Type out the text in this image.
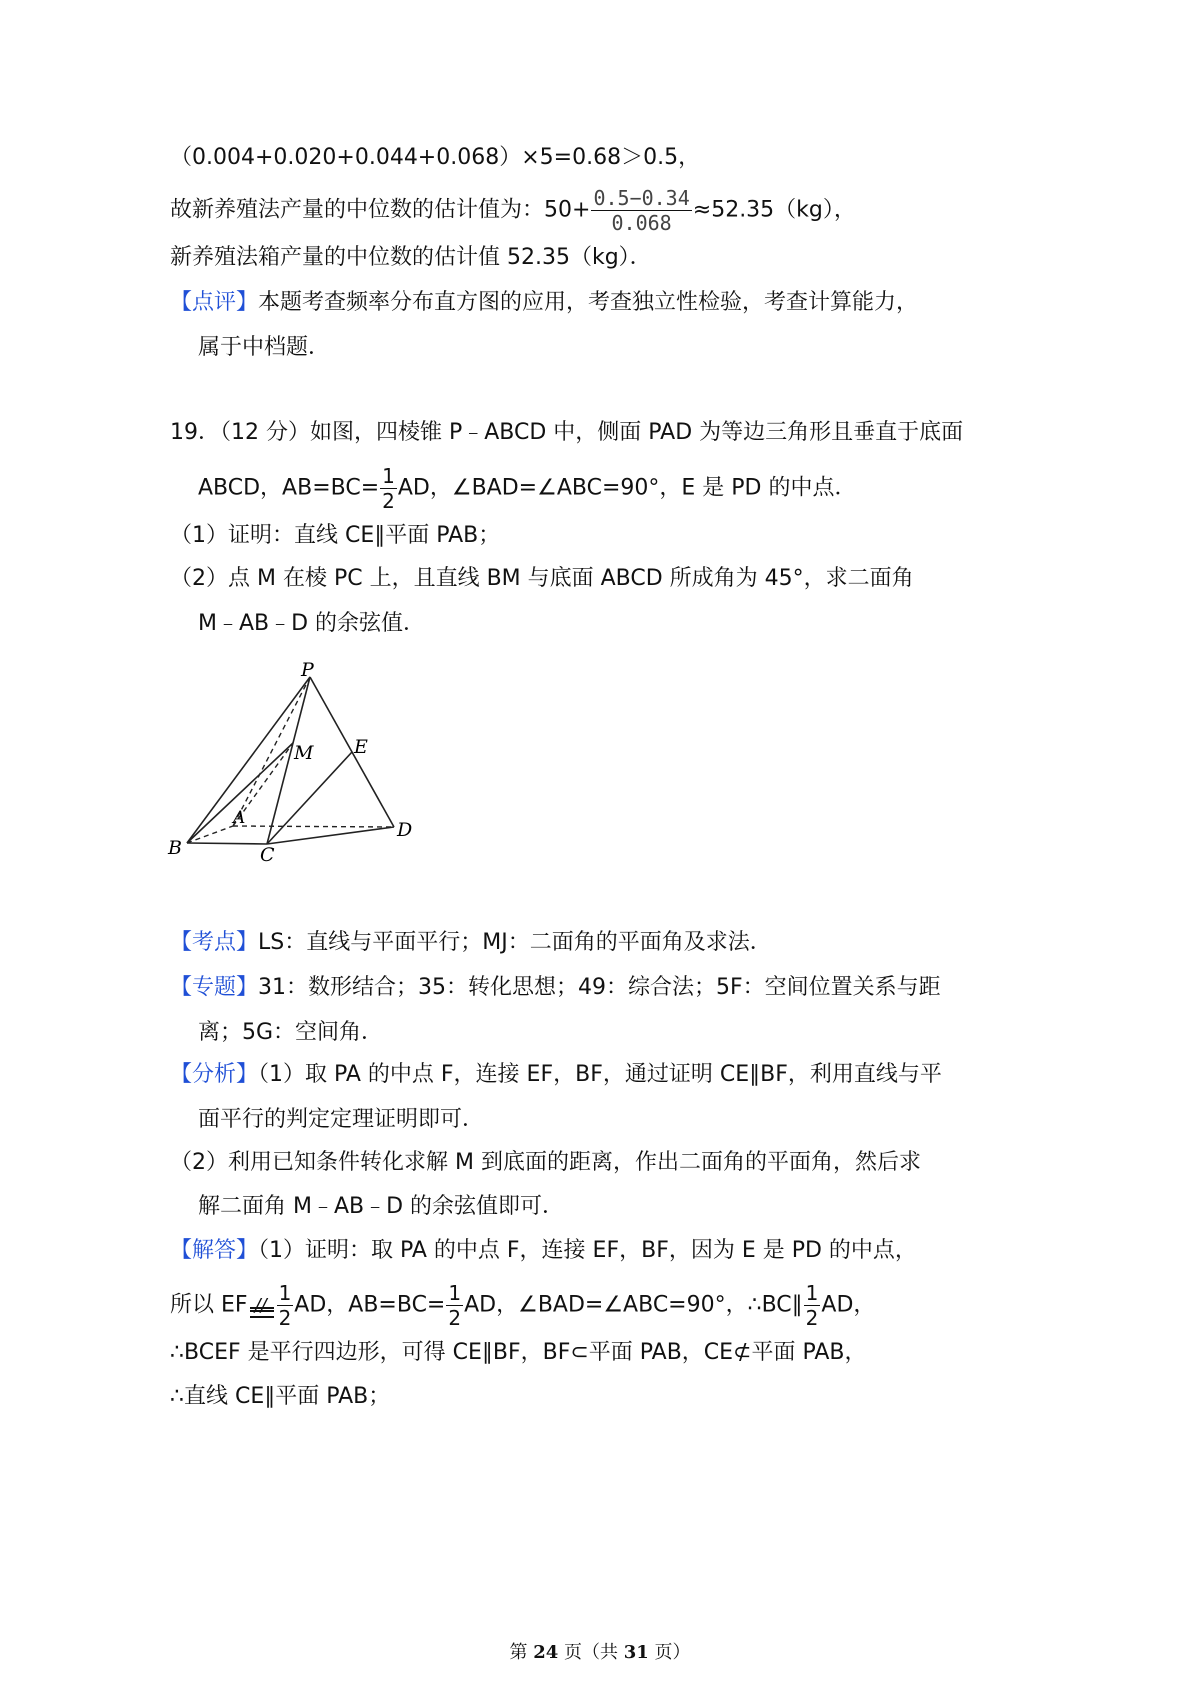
（0.004+0.020+0.044+0.068）×5=0.68＞0.5，
故新养殖法产量的中位数的估计值为：$50+ \frac{0.5-0.34}{0.068} \approx 52.35(kg)$，
新养殖法箱产量的中位数的估计值 52.35（kg）．
【点评】本题考查频率分布直方图的应用，考查独立性检验，考查计算能力，
属于中档题．
19．（12 分）如图，四棱锥 P﹣ABCD 中，侧面 PAD 为等边三角形且垂直于底面
ABCD，$AB=BC= \frac{1}{2}$ AD，∠BAD=∠ABC=90°，E 是 PD 的中点．
（1）证明：直线 CE∥平面 PAB；
（2）点 M 在棱 PC 上，且直线 BM 与底面 ABCD 所成角为 45°，求二面角
M﹣AB﹣D 的余弦值．
P
M E
A
B	C
D
【考点】LS：直线与平面平行；MJ：二面角的平面角及求法．
【专题】31：数形结合；35：转化思想；49：综合法；5F：空间位置关系与距
离；5G：空间角．
【分析】（1）取 PA 的中点 F，连接 EF，BF，通过证明 CE∥BF，利用直线与平
面平行的判定定理证明即可．
（2）利用已知条件转化求解 M 到底面的距离，作出二面角的平面角，然后求
解二面角 M﹣AB﹣D 的余弦值即可．
【解答】（1）证明：取 PA 的中点 F，连接 EF，BF，因为 E 是 PD 的中点，
所以 EF // $\frac{1}{2}$ AD，$AB=BC= \frac{1}{2}$ AD，∠BAD=∠ABC=90°，∴BC∥ $\frac{1}{2}$ AD，
∴BCEF 是平行四边形，可得 CE∥BF，BF⊂平面 PAB，CE⊄平面 PAB，
∴直线 CE∥平面 PAB；
第 24 页（共 31 页）
